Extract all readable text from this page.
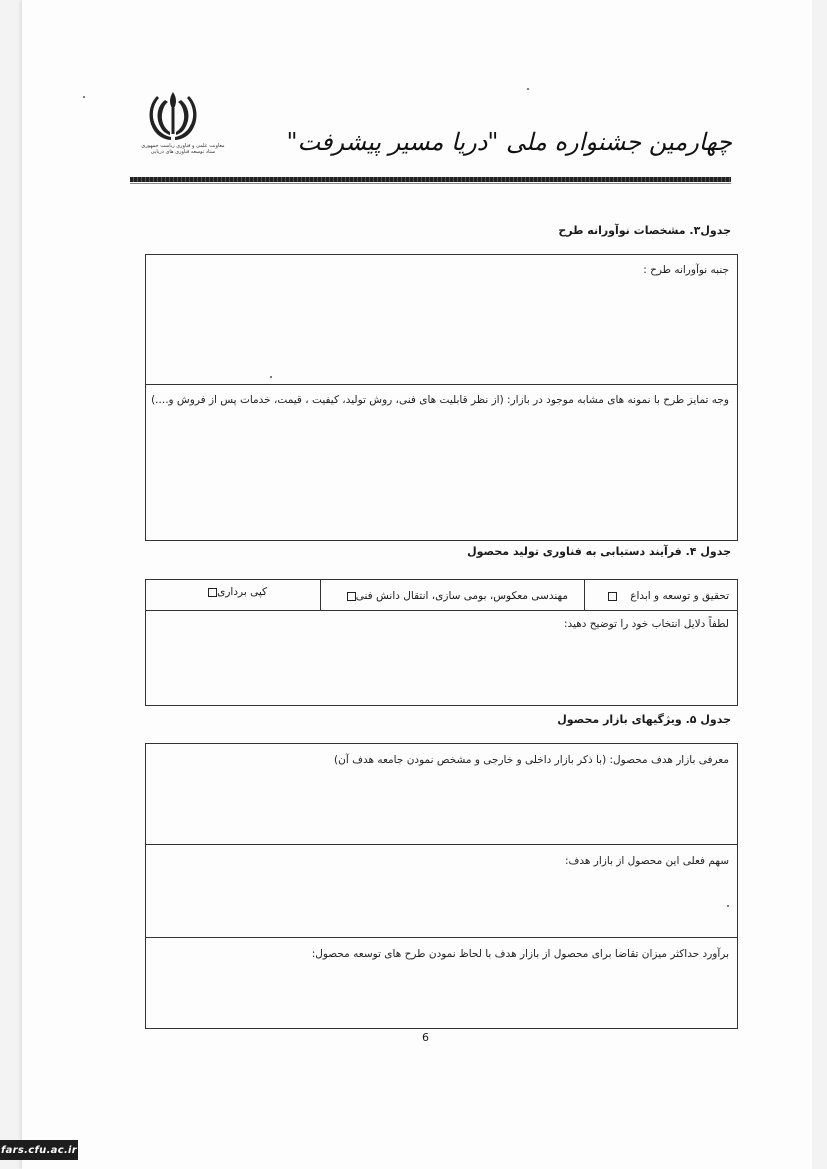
معاونت علمی و فناوری ریاست جمهوری
ستاد توسعه فناوری های دریایی	چهارمین جشنواره ملی "دریا مسیر پیشرفت"
جدول۳. مشخصات نوآورانه طرح
جنبه نوآورانه طرح :
وجه تمایز طرح با نمونه های مشابه موجود در بازار: (از نظر قابلیت های فنی، روش تولید، کیفیت ، قیمت، خدمات پس از فروش و....)
جدول ۴. فرآیند دستیابی به فناوری تولید محصول
تحقیق و توسعه و ابداع
مهندسی معکوس، بومی سازی، انتقال دانش فنی
کپی برداری
لطفاً دلایل انتخاب خود را توضیح دهید:
جدول ۵. ویژگیهای بازار محصول
معرفی بازار هدف محصول: (با ذکر بازار داخلی و خارجی و مشخص نمودن جامعه هدف آن)
سهم فعلی این محصول از بازار هدف:
برآورد حداکثر میزان تقاضا برای محصول از بازار هدف با لحاظ نمودن طرح های توسعه محصول:
6
fars.cfu.ac.ir
